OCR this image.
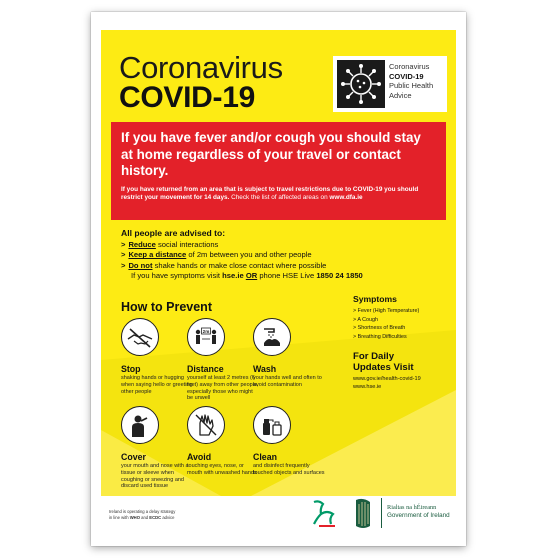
Coronavirus
COVID-19
Coronavirus
COVID-19
Public Health
Advice
If you have fever and/or cough you should stay at home regardless of your travel or contact history.
If you have returned from an area that is subject to travel restrictions due to COVID-19 you should restrict your movement for 14 days. Check the list of affected areas on www.dfa.ie
All people are advised to:
> Reduce social interactions
> Keep a distance of 2m between you and other people
> Do not shake hands or make close contact where possible
If you have symptoms visit hse.ie OR phone HSE Live 1850 24 1850
How to Prevent
Stop
shaking hands or hugging when saying hello or greeting other people
2m
Distance
yourself at least 2 metres (6 feet) away from other people, especially those who might be unwell
Wash
your hands well and often to avoid contamination
Cover
your mouth and nose with a tissue or sleeve when coughing or sneezing and discard used tissue
Avoid
touching eyes, nose, or mouth with unwashed hands
Clean
and disinfect frequently touched objects and surfaces
Symptoms
> Fever (High Temperature)
> A Cough
> Shortness of Breath
> Breathing Difficulties
For Daily
Updates Visit
www.gov.ie/health-covid-19
www.hse.ie
Ireland is operating a delay strategy
in line with WHO and ECDC advice
Rialtas na hÉireann
Government of Ireland
